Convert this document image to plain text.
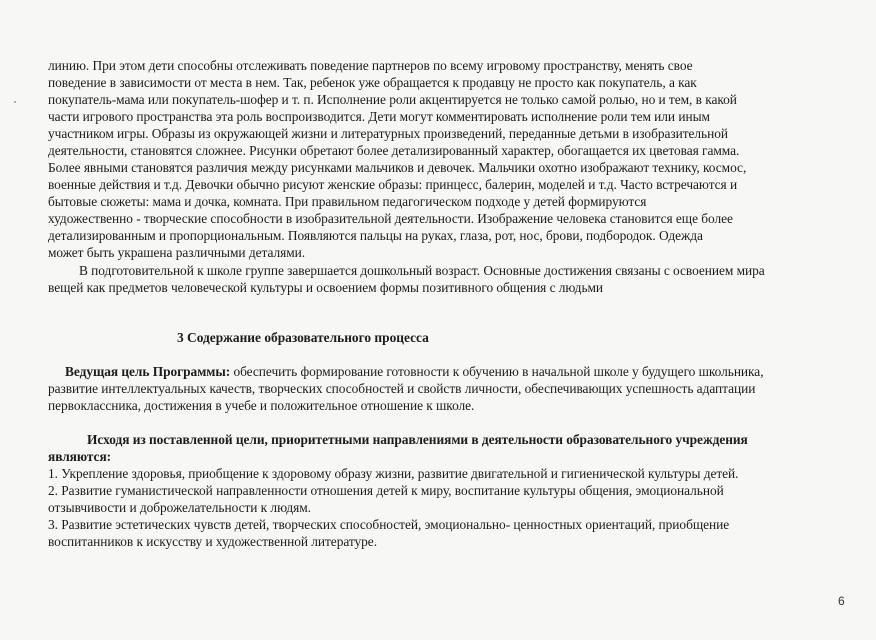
линию. При этом дети способны отслеживать поведение партнеров по всему игровому пространству, менять свое
поведение в зависимости от места в нем. Так, ребенок уже обращается к продавцу не просто как покупатель, а как
покупатель-мама или покупатель-шофер и т. п. Исполнение роли акцентируется не только самой ролью, но и тем, в какой
части игрового пространства эта роль воспроизводится. Дети могут комментировать исполнение роли тем или иным
участником игры. Образы из окружающей жизни и литературных произведений, переданные детьми в изобразительной
деятельности, становятся сложнее. Рисунки обретают более детализированный характер, обогащается их цветовая гамма.
Более явными становятся различия между рисунками мальчиков и девочек. Мальчики охотно изображают технику, космос,
военные действия и т.д. Девочки обычно рисуют женские образы: принцесс, балерин, моделей и т.д. Часто встречаются и
бытовые сюжеты: мама и дочка, комната. При правильном педагогическом подходе у детей формируются
художественно - творческие способности в изобразительной деятельности. Изображение человека становится еще более
детализированным и пропорциональным. Появляются пальцы на руках, глаза, рот, нос, брови, подбородок. Одежда
может быть украшена различными деталями.
В подготовительной к школе группе завершается дошкольный возраст. Основные достижения связаны с освоением мира
вещей как предметов человеческой культуры и освоением формы позитивного общения с людьми
3 Содержание образовательного процесса
Ведущая цель Программы: обеспечить формирование готовности к обучению в начальной школе у будущего школьника,
развитие интеллектуальных качеств, творческих способностей и свойств личности, обеспечивающих успешность адаптации
первоклассника, достижения в учебе и положительное отношение к школе.
Исходя из поставленной цели, приоритетными направлениями в деятельности образовательного учреждения
являются:
1. Укрепление здоровья, приобщение к здоровому образу жизни, развитие двигательной и гигиенической культуры детей.
2. Развитие гуманистической направленности отношения детей к миру, воспитание культуры общения, эмоциональной
отзывчивости и доброжелательности к людям.
3. Развитие эстетических чувств детей, творческих способностей, эмоционально- ценностных ориентаций, приобщение
воспитанников к искусству и художественной литературе.
6
